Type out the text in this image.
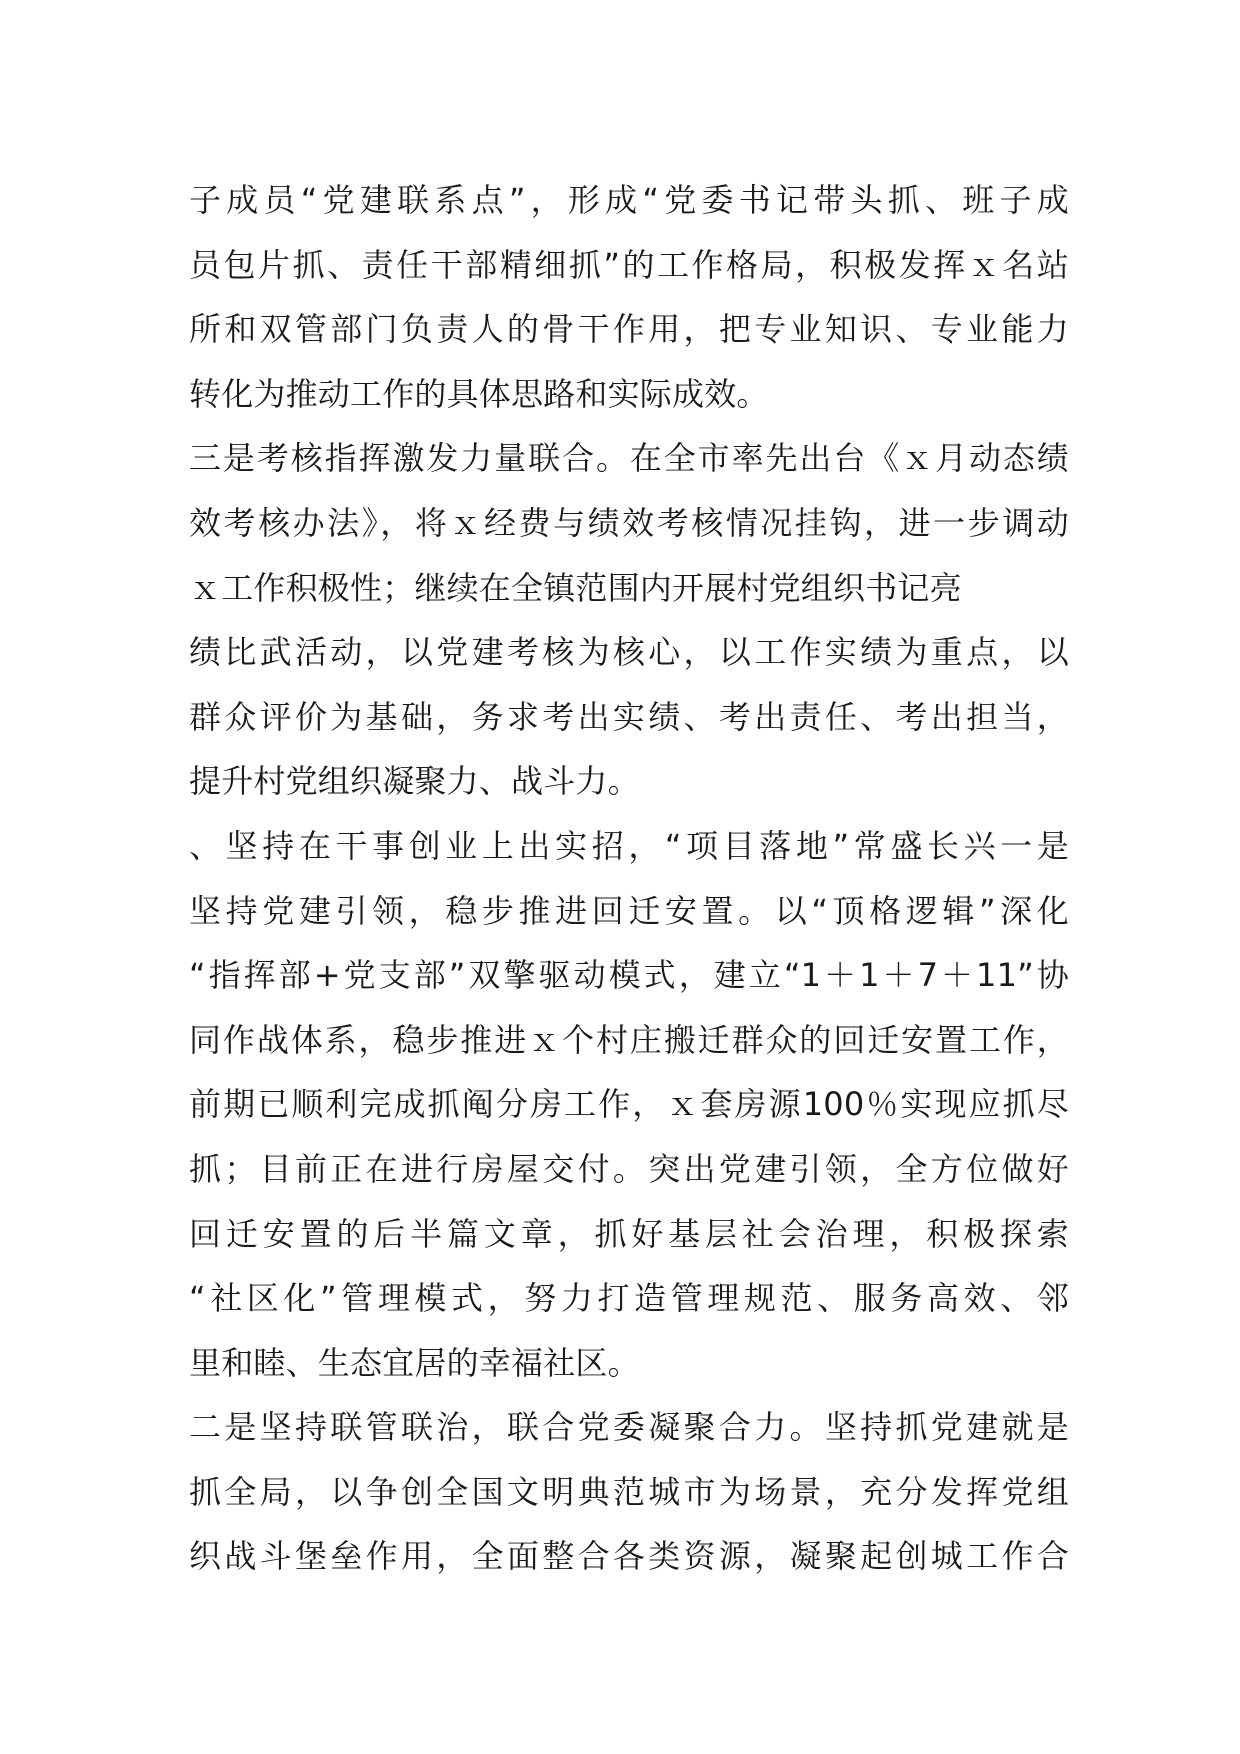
子成员“党建联系点”，形成“党委书记带头抓、班子成
员包片抓、责任干部精细抓”的工作格局，积极发挥ｘ名站
所和双管部门负责人的骨干作用，把专业知识、专业能力
转化为推动工作的具体思路和实际成效。
三是考核指挥激发力量联合。在全市率先出台《ｘ月动态绩
效考核办法》，将ｘ经费与绩效考核情况挂钩，进一步调动
ｘ工作积极性；继续在全镇范围内开展村党组织书记亮
绩比武活动，以党建考核为核心，以工作实绩为重点，以
群众评价为基础，务求考出实绩、考出责任、考出担当，
提升村党组织凝聚力、战斗力。
、坚持在干事创业上出实招，“项目落地”常盛长兴一是
坚持党建引领，稳步推进回迁安置。以“顶格逻辑”深化
“指挥部+党支部”双擎驱动模式，建立“1＋1＋7＋11”协
同作战体系，稳步推进ｘ个村庄搬迁群众的回迁安置工作，
前期已顺利完成抓阄分房工作，ｘ套房源100％实现应抓尽
抓；目前正在进行房屋交付。突出党建引领，全方位做好
回迁安置的后半篇文章，抓好基层社会治理，积极探索
“社区化”管理模式，努力打造管理规范、服务高效、邻
里和睦、生态宜居的幸福社区。
二是坚持联管联治，联合党委凝聚合力。坚持抓党建就是
抓全局，以争创全国文明典范城市为场景，充分发挥党组
织战斗堡垒作用，全面整合各类资源，凝聚起创城工作合
